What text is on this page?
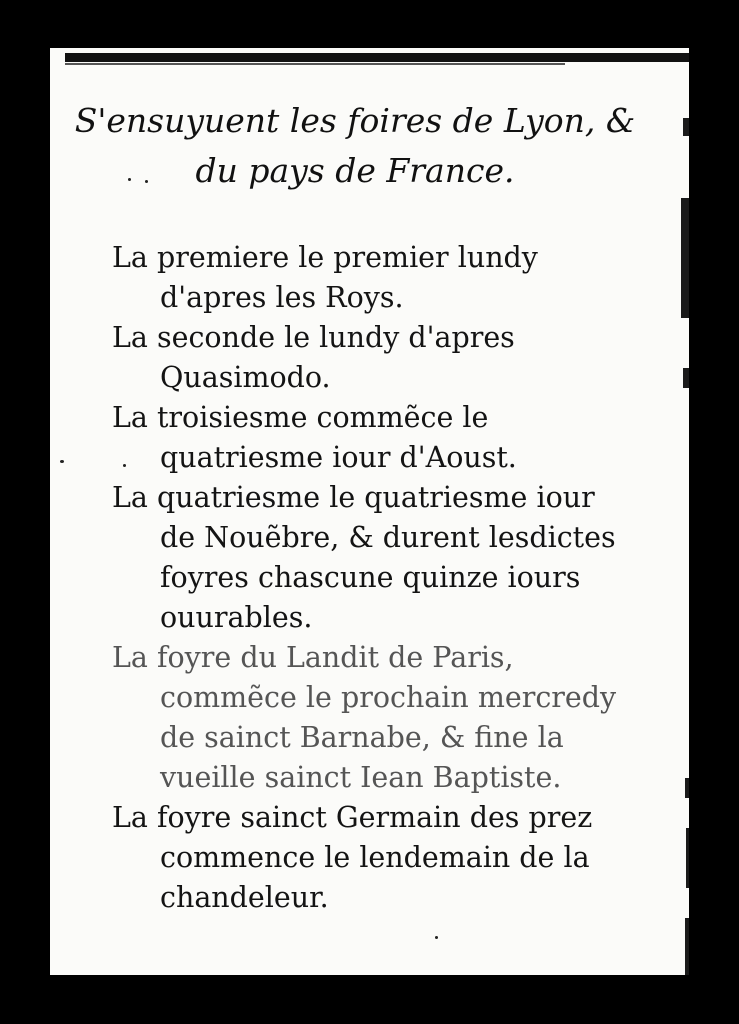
S'ensuyuent les foires de Lyon, &
du pays de France.
La premiere le premier lundy d'apres les Roys.
La seconde le lundy d'apres Quasimodo.
La troisiesme commẽce le quatriesme iour d'Aoust.
La quatriesme le quatriesme iour de Nouẽbre, & durent lesdictes foyres chascune quinze iours ouurables.
La foyre du Landit de Paris, commẽce le prochain mercredy de sainct Barnabe, & fine la vueille sainct Iean Baptiste.
La foyre sainct Germain des prez commence le lendemain de la chandeleur.
